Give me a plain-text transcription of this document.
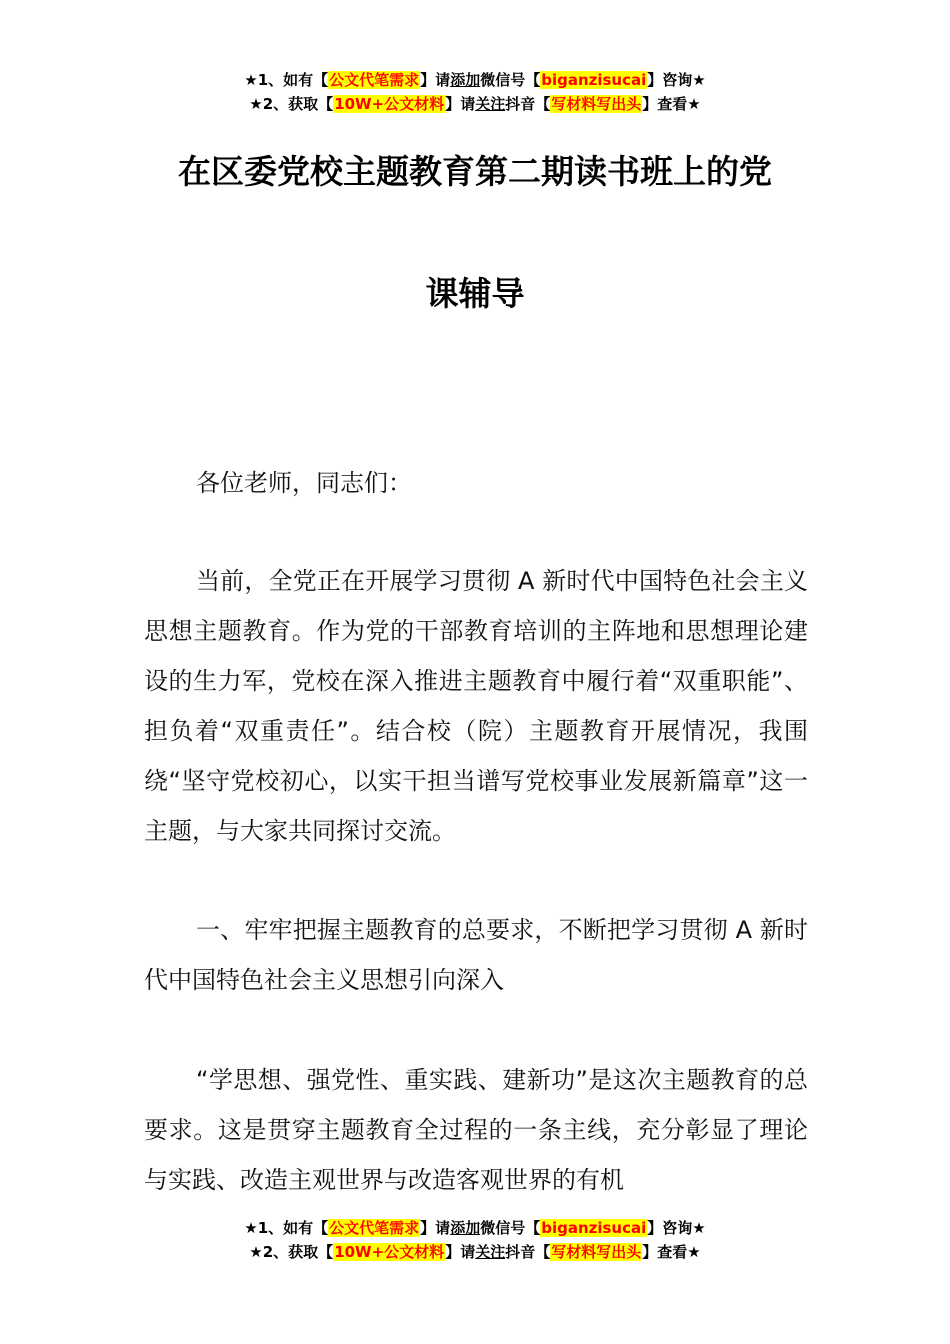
★1、如有【公文代笔需求】请添加微信号【biganzisucai】咨询★
★2、获取【10W+公文材料】请关注抖音【写材料写出头】查看★
在区委党校主题教育第二期读书班上的党
课辅导

各位老师，同志们：

当前，全党正在开展学习贯彻 A 新时代中国特色社会主义思想主题教育。作为党的干部教育培训的主阵地和思想理论建设的生力军，党校在深入推进主题教育中履行着“双重职能”、担负着“双重责任”。结合校（院）主题教育开展情况，我围绕“坚守党校初心，以实干担当谱写党校事业发展新篇章”这一主题，与大家共同探讨交流。

一、牢牢把握主题教育的总要求，不断把学习贯彻 A 新时代中国特色社会主义思想引向深入

“学思想、强党性、重实践、建新功”是这次主题教育的总要求。这是贯穿主题教育全过程的一条主线，充分彰显了理论与实践、改造主观世界与改造客观世界的有机

★1、如有【公文代笔需求】请添加微信号【biganzisucai】咨询★
★2、获取【10W+公文材料】请关注抖音【写材料写出头】查看★
